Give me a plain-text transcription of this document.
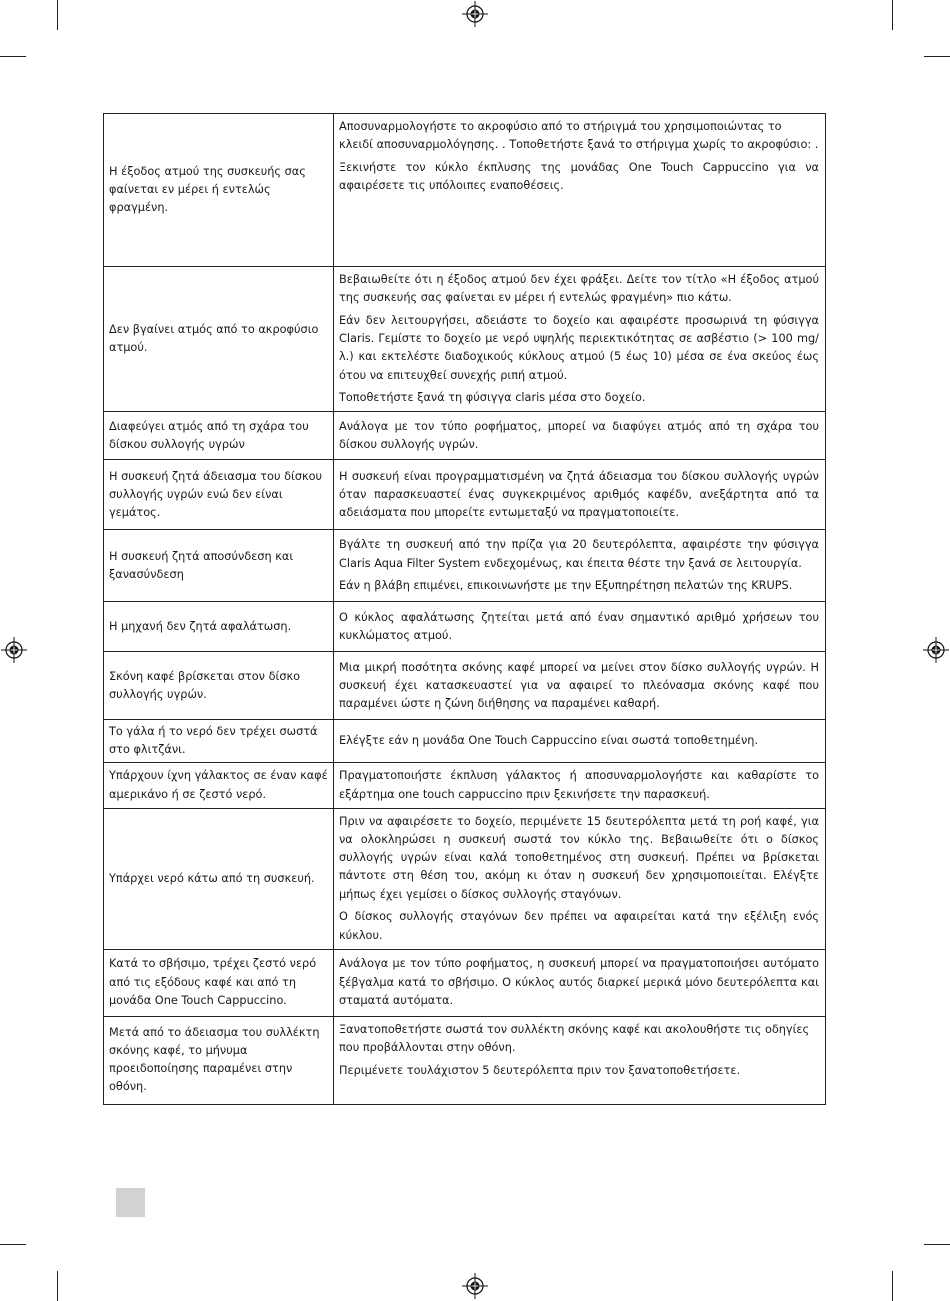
Η έξοδος ατμού της συσκευής σας φαίνεται εν μέρει ή εντελώς φραγμένη.	Αποσυναρμολογήστε το ακροφύσιο από το στήριγμά του χρησιμοποιώντας το κλειδί αποσυναρμολόγησης. . Τοποθετήστε ξανά το στήριγμα χωρίς το ακροφύσιο: .

Ξεκινήστε τον κύκλο έκπλυσης της μονάδας One Touch Cappuccino για να αφαιρέσετε τις υπόλοιπες εναποθέσεις.

Δεν βγαίνει ατμός από το ακροφύσιο ατμού.	Βεβαιωθείτε ότι η έξοδος ατμού δεν έχει φράξει. Δείτε τον τίτλο «Η έξοδος ατμού της συσκευής σας φαίνεται εν μέρει ή εντελώς φραγμένη» πιο κάτω.

Εάν δεν λειτουργήσει, αδειάστε το δοχείο και αφαιρέστε προσωρινά τη φύσιγγα Claris. Γεμίστε το δοχείο με νερό υψηλής περιεκτικότητας σε ασβέστιο (> 100 mg/λ.) και εκτελέστε διαδοχικούς κύκλους ατμού (5 έως 10) μέσα σε ένα σκεύος έως ότου να επιτευχθεί συνεχής ριπή ατμού.

Τοποθετήστε ξανά τη φύσιγγα claris μέσα στο δοχείο.

Διαφεύγει ατμός από τη σχάρα του δίσκου συλλογής υγρών	Ανάλογα με τον τύπο ροφήματος, μπορεί να διαφύγει ατμός από τη σχάρα του δίσκου συλλογής υγρών.

Η συσκευή ζητά άδειασμα του δίσκου συλλογής υγρών ενώ δεν είναι γεμάτος.	Η συσκευή είναι προγραμματισμένη να ζητά άδειασμα του δίσκου συλλογής υγρών όταν παρασκευαστεί ένας συγκεκριμένος αριθμός καφέδν, ανεξάρτητα από τα αδειάσματα που μπορείτε εντωμεταξύ να πραγματοποιείτε.

Η συσκευή ζητά αποσύνδεση και ξανασύνδεση	Βγάλτε τη συσκευή από την πρίζα για 20 δευτερόλεπτα, αφαιρέστε την φύσιγγα Claris Aqua Filter System ενδεχομένως, και έπειτα θέστε την ξανά σε λειτουργία.

Εάν η βλάβη επιμένει, επικοινωνήστε με την Εξυπηρέτηση πελατών της KRUPS.

Η μηχανή δεν ζητά αφαλάτωση.	Ο κύκλος αφαλάτωσης ζητείται μετά από έναν σημαντικό αριθμό χρήσεων του κυκλώματος ατμού.

Σκόνη καφέ βρίσκεται στον δίσκο συλλογής υγρών.	Μια μικρή ποσότητα σκόνης καφέ μπορεί να μείνει στον δίσκο συλλογής υγρών. Η συσκευή έχει κατασκευαστεί για να αφαιρεί το πλεόνασμα σκόνης καφέ που παραμένει ώστε η ζώνη διήθησης να παραμένει καθαρή.

Το γάλα ή το νερό δεν τρέχει σωστά στο φλιτζάνι.	Ελέγξτε εάν η μονάδα One Touch Cappuccino είναι σωστά τοποθετημένη.

Υπάρχουν ίχνη γάλακτος σε έναν καφέ αμερικάνο ή σε ζεστό νερό.	Πραγματοποιήστε έκπλυση γάλακτος ή αποσυναρμολογήστε και καθαρίστε το εξάρτημα one touch cappuccino πριν ξεκινήσετε την παρασκευή.

Υπάρχει νερό κάτω από τη συσκευή.	Πριν να αφαιρέσετε το δοχείο, περιμένετε 15 δευτερόλεπτα μετά τη ροή καφέ, για να ολοκληρώσει η συσκευή σωστά τον κύκλο της. Βεβαιωθείτε ότι ο δίσκος συλλογής υγρών είναι καλά τοποθετημένος στη συσκευή. Πρέπει να βρίσκεται πάντοτε στη θέση του, ακόμη κι όταν η συσκευή δεν χρησιμοποιείται. Ελέγξτε μήπως έχει γεμίσει ο δίσκος συλλογής σταγόνων.

Ο δίσκος συλλογής σταγόνων δεν πρέπει να αφαιρείται κατά την εξέλιξη ενός κύκλου.

Κατά το σβήσιμο, τρέχει ζεστό νερό από τις εξόδους καφέ και από τη μονάδα One Touch Cappuccino.	Ανάλογα με τον τύπο ροφήματος, η συσκευή μπορεί να πραγματοποιήσει αυτόματο ξέβγαλμα κατά το σβήσιμο. Ο κύκλος αυτός διαρκεί μερικά μόνο δευτερόλεπτα και σταματά αυτόματα.

Μετά από το άδειασμα του συλλέκτη σκόνης καφέ, το μήνυμα προειδοποίησης παραμένει στην οθόνη.	Ξανατοποθετήστε σωστά τον συλλέκτη σκόνης καφέ και ακολουθήστε τις οδηγίες που προβάλλονται στην οθόνη.

Περιμένετε τουλάχιστον 5 δευτερόλεπτα πριν τον ξανατοποθετήσετε.
